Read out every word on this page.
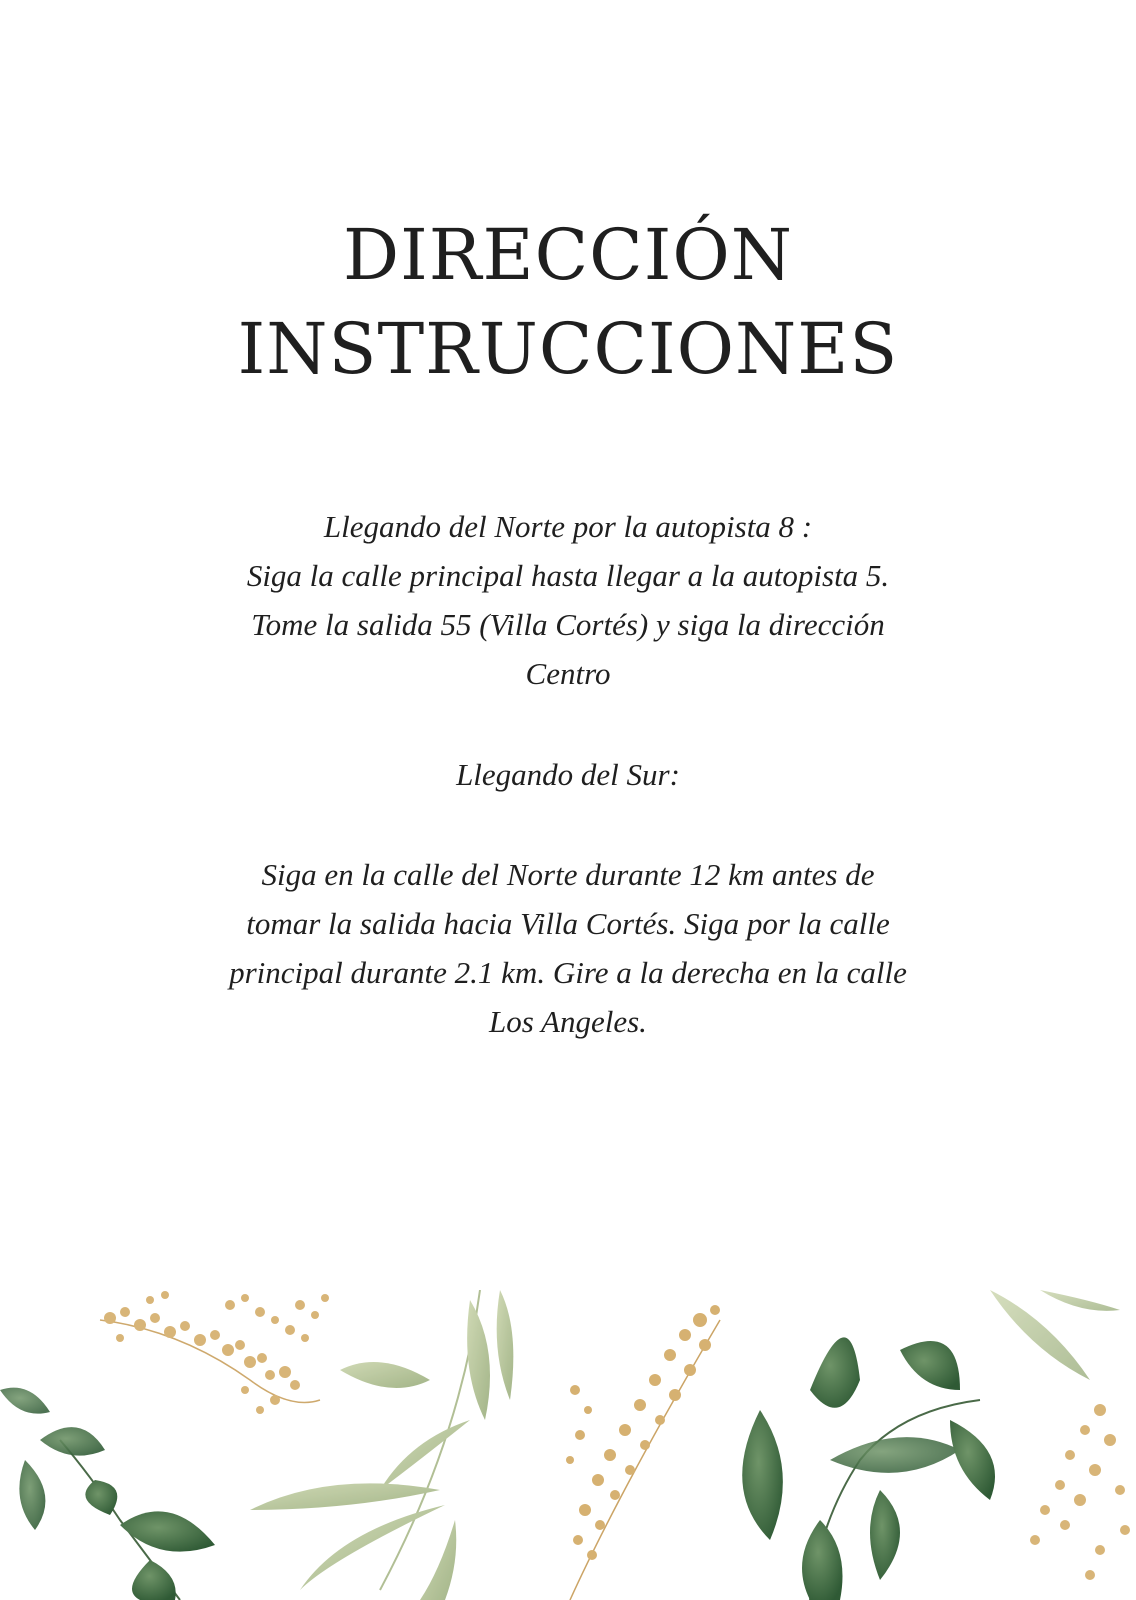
DIRECCIÓN
INSTRUCCIONES
Llegando del Norte por la autopista 8 :
Siga la calle principal hasta llegar a la autopista 5.
Tome la salida 55 (Villa Cortés) y siga la dirección
Centro
Llegando del Sur:
Siga en la calle del Norte durante 12 km antes de
tomar la salida hacia Villa Cortés. Siga por la calle
principal durante 2.1 km. Gire a la derecha en la calle
Los Angeles.
